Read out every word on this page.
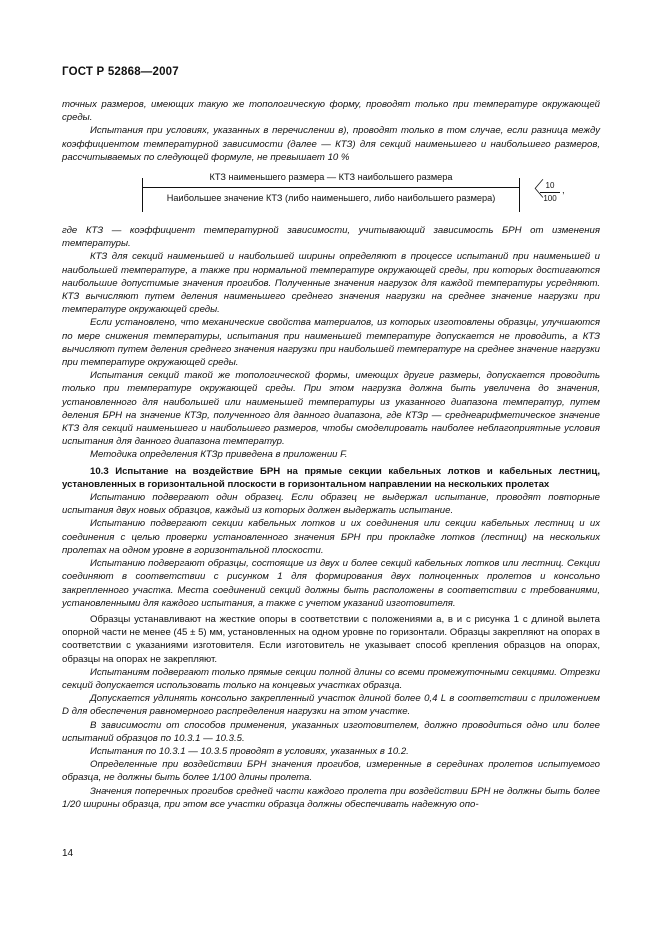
ГОСТ Р 52868—2007

точных размеров, имеющих такую же топологическую форму, проводят только при температуре окружающей среды.

Испытания при условиях, указанных в перечислении в), проводят только в том случае, если разница между коэффициентом температурной зависимости (далее — КТЗ) для секций наименьшего и наибольшего размеров, рассчитываемых по следующей формуле, не превышает 10 %

КТЗ наименьшего размера — КТЗ наибольшего размера
Наибольшее значение КТЗ (либо наименьшего, либо наибольшего размера)	〈 10
100
,

где КТЗ — коэффициент температурной зависимости, учитывающий зависимость БРН от изменения температуры.

КТЗ для секций наименьшей и наибольшей ширины определяют в процессе испытаний при наименьшей и наибольшей температуре, а также при нормальной температуре окружающей среды, при которых достигаются наибольшие допустимые значения прогибов. Полученные значения нагрузок для каждой температуры усредняют. КТЗ вычисляют путем деления наименьшего среднего значения нагрузки на среднее значение нагрузки при температуре окружающей среды.

Если установлено, что механические свойства материалов, из которых изготовлены образцы, улучшаются по мере снижения температуры, испытания при наименьшей температуре допускается не проводить, а КТЗ вычисляют путем деления среднего значения нагрузки при наибольшей температуре на среднее значение нагрузки при температуре окружающей среды.

Испытания секций такой же топологической формы, имеющих другие размеры, допускается проводить только при температуре окружающей среды. При этом нагрузка должна быть увеличена до значения, установленного для наибольшей или наименьшей температуры из указанного диапазона температур, путем деления БРН на значение КТЗр, полученного для данного диапазона, где КТЗр — среднеарифметическое значение КТЗ для секций наименьшего и наибольшего размеров, чтобы смоделировать наиболее неблагоприятные условия испытания для данного диапазона температур.

Методика определения КТЗр приведена в приложении F.

10.3 Испытание на воздействие БРН на прямые секции кабельных лотков и кабельных лестниц, установленных в горизонтальной плоскости в горизонтальном направлении на нескольких пролетах

Испытанию подвергают один образец. Если образец не выдержал испытание, проводят повторные испытания двух новых образцов, каждый из которых должен выдержать испытание.

Испытанию подвергают секции кабельных лотков и их соединения или секции кабельных лестниц и их соединения с целью проверки установленного значения БРН при прокладке лотков (лестниц) на нескольких пролетах на одном уровне в горизонтальной плоскости.

Испытанию подвергают образцы, состоящие из двух и более секций кабельных лотков или лестниц. Секции соединяют в соответствии с рисунком 1 для формирования двух полноценных пролетов и консольно закрепленного участка. Места соединений секций должны быть расположены в соответствии с требованиями, установленными для каждого испытания, а также с учетом указаний изготовителя.

Образцы устанавливают на жесткие опоры в соответствии с положениями а, в и с рисунка 1 с длиной вылета опорной части не менее (45 ± 5) мм, установленных на одном уровне по горизонтали. Образцы закрепляют на опорах в соответствии с указаниями изготовителя. Если изготовитель не указывает способ крепления образцов на опорах, образцы на опорах не закрепляют.

Испытаниям подвергают только прямые секции полной длины со всеми промежуточными секциями. Отрезки секций допускается использовать только на концевых участках образца.

Допускается удлинять консольно закрепленный участок длиной более 0,4 L в соответствии с приложением D для обеспечения равномерного распределения нагрузки на этом участке.

В зависимости от способов применения, указанных изготовителем, должно проводиться одно или более испытаний образцов по 10.3.1 — 10.3.5.

Испытания по 10.3.1 — 10.3.5 проводят в условиях, указанных в 10.2.

Определенные при воздействии БРН значения прогибов, измеренные в серединах пролетов испытуемого образца, не должны быть более 1/100 длины пролета.

Значения поперечных прогибов средней части каждого пролета при воздействии БРН не должны быть более 1/20 ширины образца, при этом все участки образца должны обеспечивать надежную опо-

14
